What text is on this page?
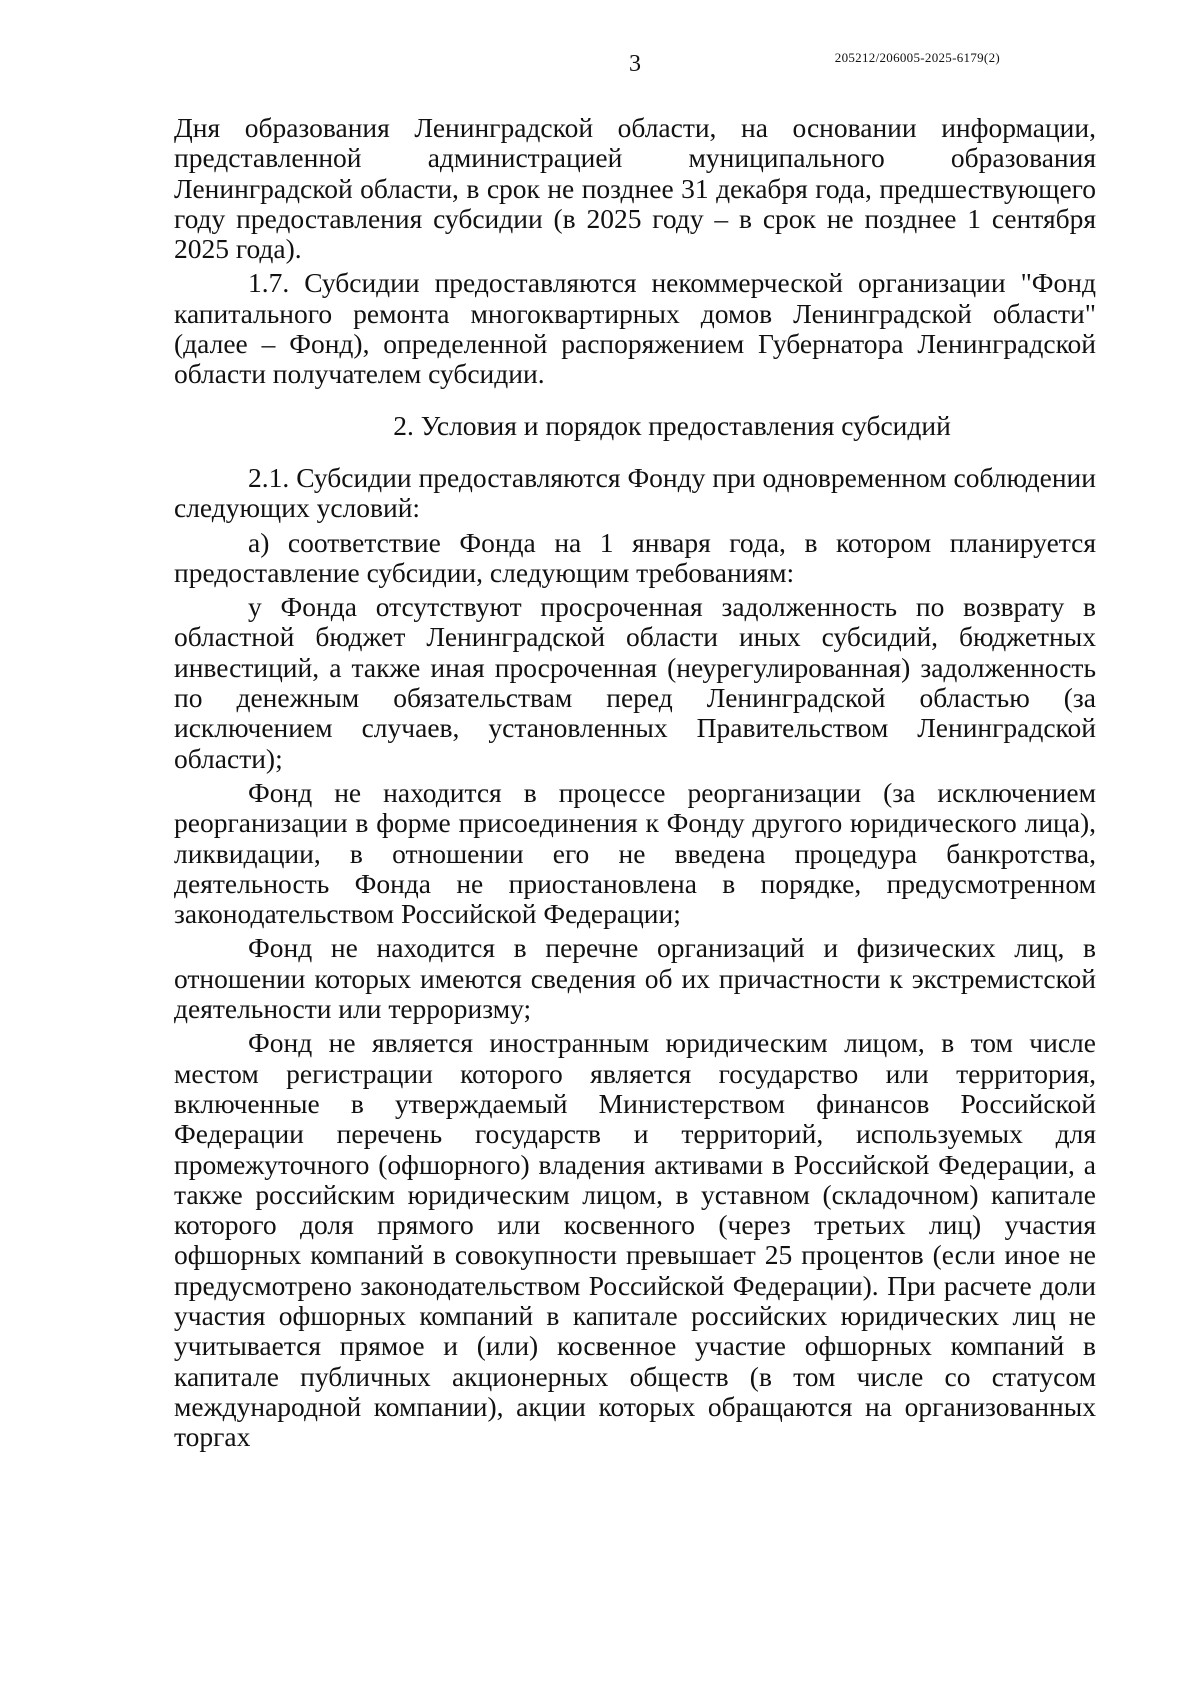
3	205212/206005-2025-6179(2)

Дня образования Ленинградской области, на основании информации, представленной администрацией муниципального образования Ленинградской области, в срок не позднее 31 декабря года, предшествующего году предоставления субсидии (в 2025 году – в срок не позднее 1 сентября 2025 года).

1.7. Субсидии предоставляются некоммерческой организации "Фонд капитального ремонта многоквартирных домов Ленинградской области" (далее – Фонд), определенной распоряжением Губернатора Ленинградской области получателем субсидии.

2. Условия и порядок предоставления субсидий

2.1. Субсидии предоставляются Фонду при одновременном соблюдении следующих условий:

а) соответствие Фонда на 1 января года, в котором планируется предоставление субсидии, следующим требованиям:

у Фонда отсутствуют просроченная задолженность по возврату в областной бюджет Ленинградской области иных субсидий, бюджетных инвестиций, а также иная просроченная (неурегулированная) задолженность по денежным обязательствам перед Ленинградской областью (за исключением случаев, установленных Правительством Ленинградской области);

Фонд не находится в процессе реорганизации (за исключением реорганизации в форме присоединения к Фонду другого юридического лица), ликвидации, в отношении его не введена процедура банкротства, деятельность Фонда не приостановлена в порядке, предусмотренном законодательством Российской Федерации;

Фонд не находится в перечне организаций и физических лиц, в отношении которых имеются сведения об их причастности к экстремистской деятельности или терроризму;

Фонд не является иностранным юридическим лицом, в том числе местом регистрации которого является государство или территория, включенные в утверждаемый Министерством финансов Российской Федерации перечень государств и территорий, используемых для промежуточного (офшорного) владения активами в Российской Федерации, а также российским юридическим лицом, в уставном (складочном) капитале которого доля прямого или косвенного (через третьих лиц) участия офшорных компаний в совокупности превышает 25 процентов (если иное не предусмотрено законодательством Российской Федерации). При расчете доли участия офшорных компаний в капитале российских юридических лиц не учитывается прямое и (или) косвенное участие офшорных компаний в капитале публичных акционерных обществ (в том числе со статусом международной компании), акции которых обращаются на организованных торгах
